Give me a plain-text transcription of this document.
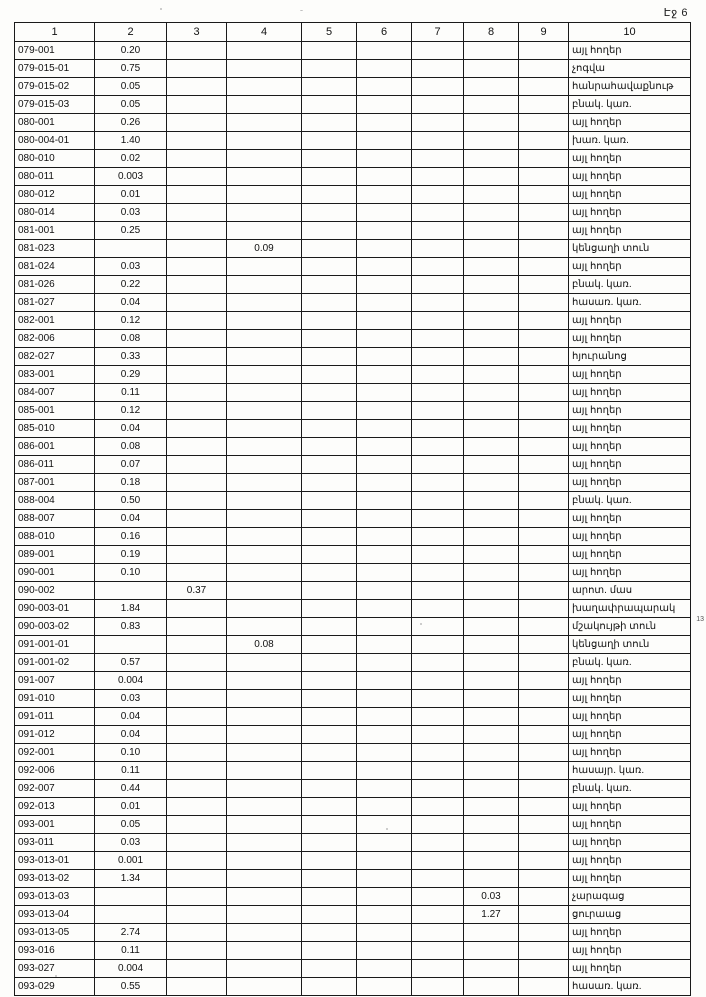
Էջ 6
13
1	2	3	4	5	6	7	8	9	10
079-001	0.20								այլ հողեր
079-015-01	0.75								չոգվա
079-015-02	0.05								հանրահավաքնութ
079-015-03	0.05								բնակ. կառ.
080-001	0.26								այլ հողեր
080-004-01	1.40								խառ. կառ.
080-010	0.02								այլ հողեր
080-011	0.003								այլ հողեր
080-012	0.01								այլ հողեր
080-014	0.03								այլ հողեր
081-001	0.25								այլ հողեր
081-023			0.09						կենցաղի տուն
081-024	0.03								այլ հողեր
081-026	0.22								բնակ. կառ.
081-027	0.04								հասառ. կառ.
082-001	0.12								այլ հողեր
082-006	0.08								այլ հողեր
082-027	0.33								հյուրանոց
083-001	0.29								այլ հողեր
084-007	0.11								այլ հողեր
085-001	0.12								այլ հողեր
085-010	0.04								այլ հողեր
086-001	0.08								այլ հողեր
086-011	0.07								այլ հողեր
087-001	0.18								այլ հողեր
088-004	0.50								բնակ. կառ.
088-007	0.04								այլ հողեր
088-010	0.16								այլ հողեր
089-001	0.19								այլ հողեր
090-001	0.10								այլ հողեր
090-002		0.37							արոտ. մաս
090-003-01	1.84								խաղափրապարակ
090-003-02	0.83								մշակույթի տուն
091-001-01			0.08						կենցաղի տուն
091-001-02	0.57								բնակ. կառ.
091-007	0.004								այլ հողեր
091-010	0.03								այլ հողեր
091-011	0.04								այլ հողեր
091-012	0.04								այլ հողեր
092-001	0.10								այլ հողեր
092-006	0.11								հասայր. կառ.
092-007	0.44								բնակ. կառ.
092-013	0.01								այլ հողեր
093-001	0.05								այլ հողեր
093-011	0.03								այլ հողեր
093-013-01	0.001								այլ հողեր
093-013-02	1.34								այլ հողեր
093-013-03							0.03		չարագաց
093-013-04							1.27		ցուրաաց
093-013-05	2.74								այլ հողեր
093-016	0.11								այլ հողեր
093-027	0.004								այլ հողեր
093-029	0.55								հասառ. կառ.
